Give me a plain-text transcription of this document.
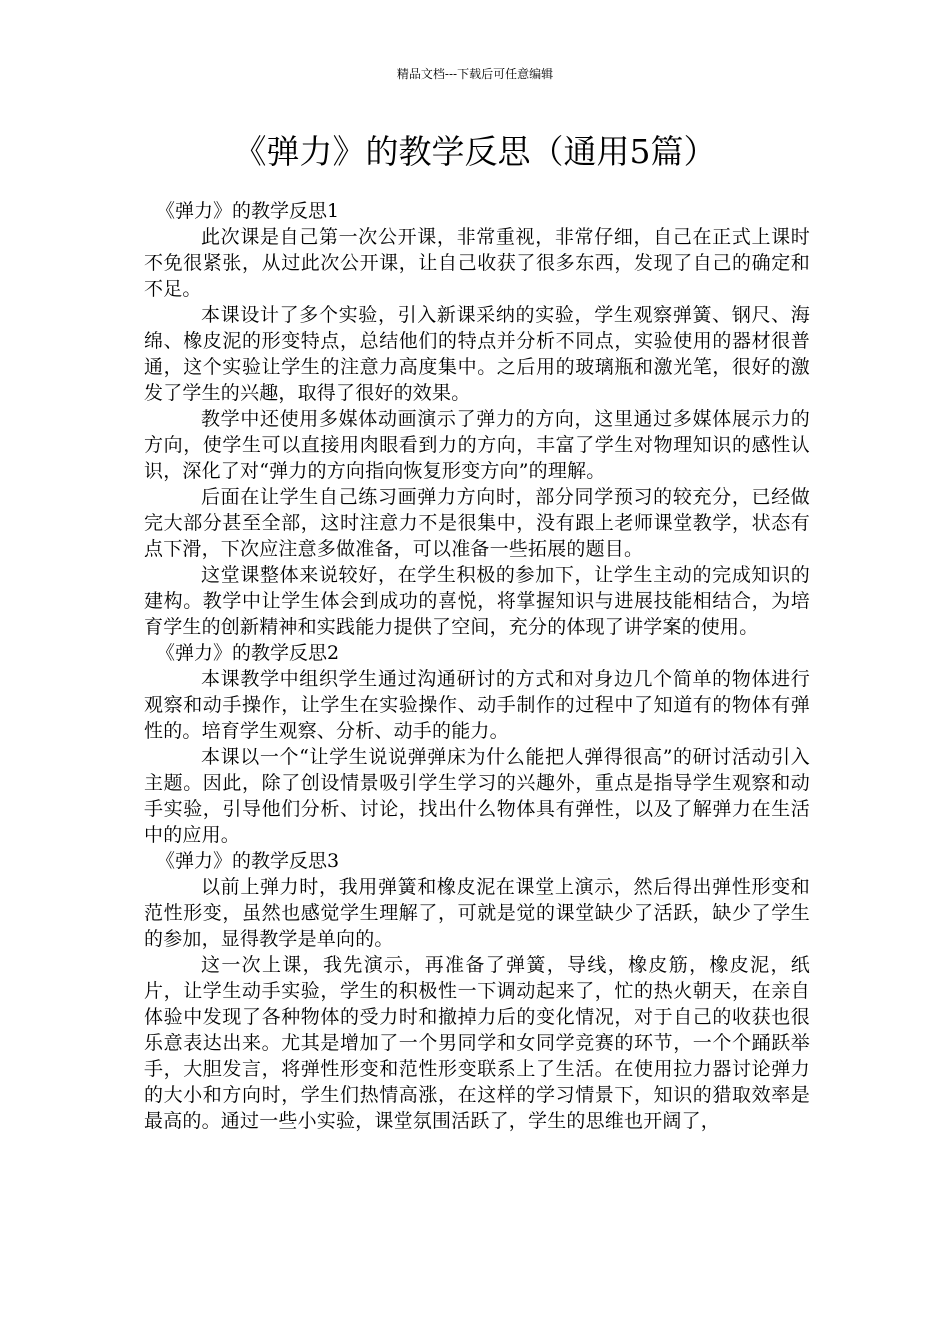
精品文档---下载后可任意编辑
《弹力》的教学反思（通用5篇）
《弹力》的教学反思1

此次课是自己第一次公开课，非常重视，非常仔细，自己在正式上课时不免很紧张，从过此次公开课，让自己收获了很多东西，发现了自己的确定和不足。

本课设计了多个实验，引入新课采纳的实验，学生观察弹簧、钢尺、海绵、橡皮泥的形变特点，总结他们的特点并分析不同点，实验使用的器材很普通，这个实验让学生的注意力高度集中。之后用的玻璃瓶和激光笔，很好的激发了学生的兴趣，取得了很好的效果。

教学中还使用多媒体动画演示了弹力的方向，这里通过多媒体展示力的方向，使学生可以直接用肉眼看到力的方向，丰富了学生对物理知识的感性认识，深化了对“弹力的方向指向恢复形变方向”的理解。

后面在让学生自己练习画弹力方向时，部分同学预习的较充分，已经做完大部分甚至全部，这时注意力不是很集中，没有跟上老师课堂教学，状态有点下滑，下次应注意多做准备，可以准备一些拓展的题目。

这堂课整体来说较好，在学生积极的参加下，让学生主动的完成知识的建构。教学中让学生体会到成功的喜悦，将掌握知识与进展技能相结合，为培育学生的创新精神和实践能力提供了空间，充分的体现了讲学案的使用。

《弹力》的教学反思2

本课教学中组织学生通过沟通研讨的方式和对身边几个简单的物体进行观察和动手操作，让学生在实验操作、动手制作的过程中了知道有的物体有弹性的。培育学生观察、分析、动手的能力。

本课以一个“让学生说说弹弹床为什么能把人弹得很高”的研讨活动引入主题。因此，除了创设情景吸引学生学习的兴趣外，重点是指导学生观察和动手实验，引导他们分析、讨论，找出什么物体具有弹性，以及了解弹力在生活中的应用。

《弹力》的教学反思3

以前上弹力时，我用弹簧和橡皮泥在课堂上演示，然后得出弹性形变和范性形变，虽然也感觉学生理解了，可就是觉的课堂缺少了活跃，缺少了学生的参加，显得教学是单向的。

这一次上课，我先演示，再准备了弹簧，导线，橡皮筋，橡皮泥，纸片，让学生动手实验，学生的积极性一下调动起来了，忙的热火朝天，在亲自体验中发现了各种物体的受力时和撤掉力后的变化情况，对于自己的收获也很乐意表达出来。尤其是增加了一个男同学和女同学竞赛的环节，一个个踊跃举手，大胆发言，将弹性形变和范性形变联系上了生活。在使用拉力器讨论弹力的大小和方向时，学生们热情高涨，在这样的学习情景下，知识的猎取效率是最高的。通过一些小实验，课堂氛围活跃了，学生的思维也开阔了，
